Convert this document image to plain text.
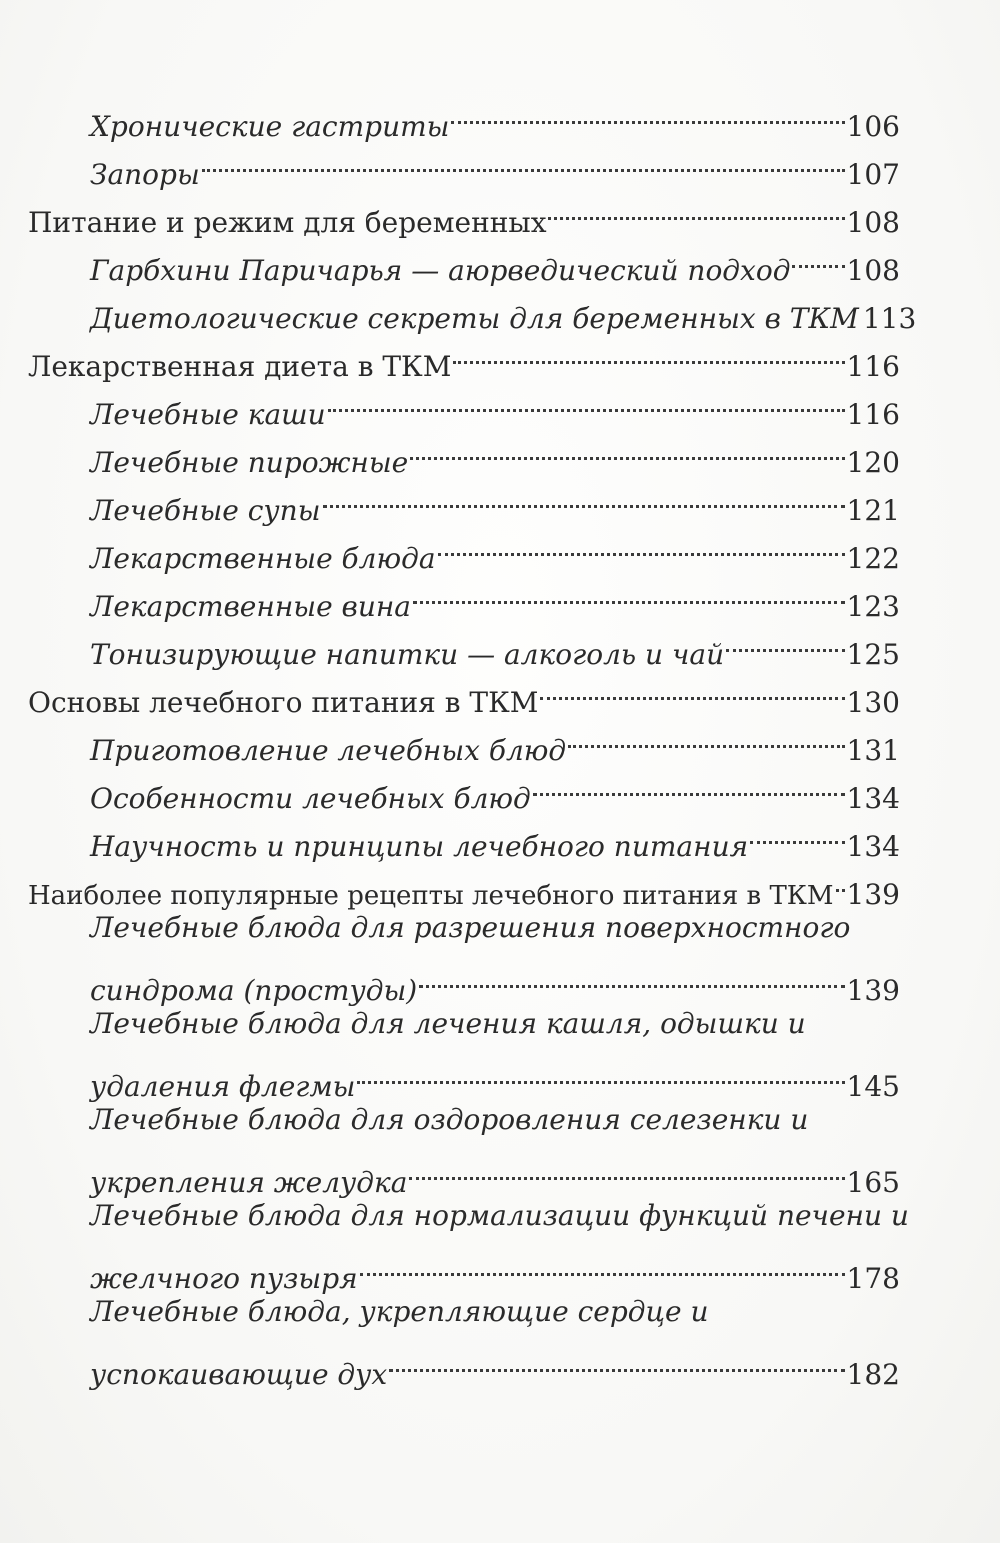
Хронические гастриты	106
Запоры	107
Питание и режим для беременных	108
Гарбхини Паричарья — аюрведический подход 108
Диетологические секреты для беременных в ТКМ 113
Лекарственная диета в ТКМ	116
Лечебные каши	116
Лечебные пирожные	120
Лечебные супы	121
Лекарственные блюда	122
Лекарственные вина	123
Тонизирующие напитки — алкоголь и чай	125
Основы лечебного питания в ТКМ	130
Приготовление лечебных блюд	131
Особенности лечебных блюд	134
Научность и принципы лечебного питания	134
Наиболее популярные рецепты лечебного питания в ТКМ 139
Лечебные блюда для разрешения поверхностного
синдрома (простуды)	139
Лечебные блюда для лечения кашля, одышки и
удаления флегмы	145
Лечебные блюда для оздоровления селезенки и
укрепления желудка	165
Лечебные блюда для нормализации функций печени и
желчного пузыря	178
Лечебные блюда, укрепляющие сердце и
успокаивающие дух	182
